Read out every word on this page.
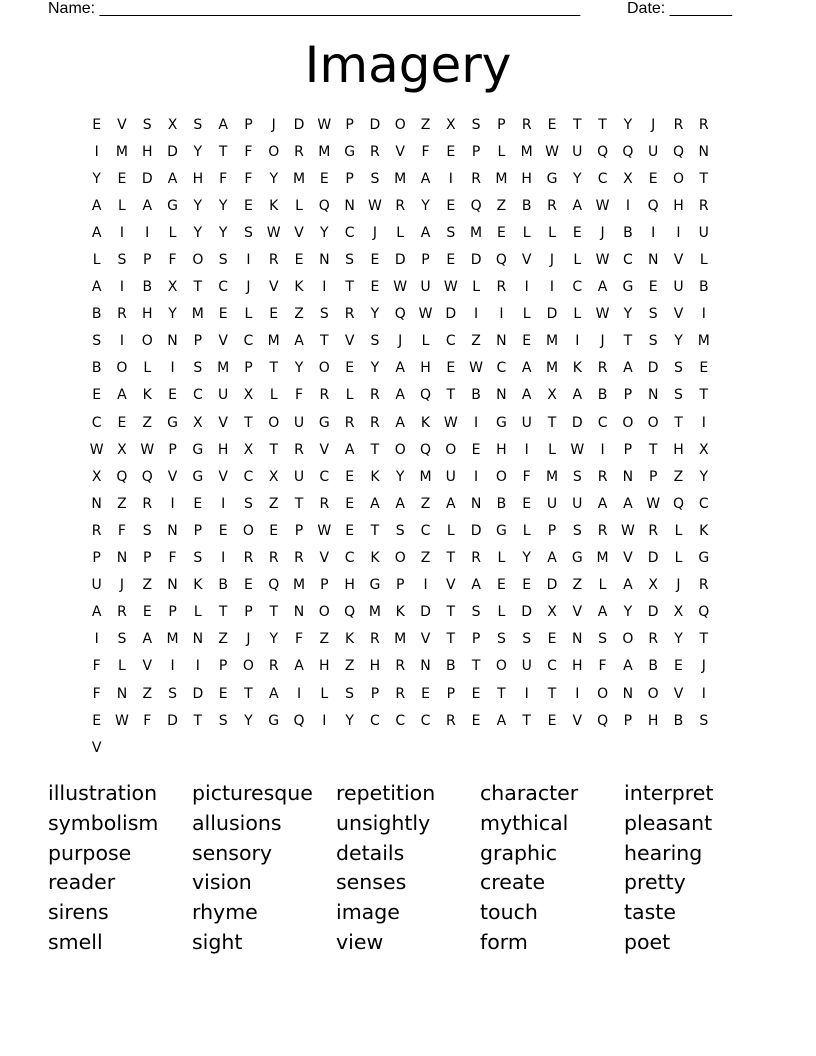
Name: ______________________________________________________	Date: _______
Imagery
E	V	S	X	S	A	P	J	D W	P	D	O	Z	X	S	P	R	E	T	T	Y	J	R	R
I	M H	D	Y	T	F	O	R	M G	R	V	F	E	P	L	M W U	Q	Q	U	Q	N
Y	E	D	A	H	F	F	Y	M	E	P	S	M	A	I	R	M H	G	Y	C	X	E	O	T
A	L	A	G	Y	Y	E	K	L	Q	N W R	Y	E	Q	Z	B	R	A W	I	Q	H	R
A	I	I	L	Y	Y	S W V	Y	C	J	L	A	S	M	E	L	L	E	J	B	I	I	U
L	S	P	F	O	S	I	R	E	N	S	E	D	P	E	D	Q	V	J	L	W C	N	V	L
A	I	B	X	T	C	J	V	K	I	T	E W U W	L	R	I	I	C	A	G	E	U	B
B	R	H	Y	M	E	L	E	Z	S	R	Y	Q W D	I	I	L	D	L	W	Y	S	V	I
S	I	O	N	P	V	C	M	A	T	V	S	J	L	C	Z	N	E	M	I	J	T	S	Y	M
B	O	L	I	S	M	P	T	Y	O	E	Y	A	H	E W C	A	M	K	R	A	D	S	E
E	A	K	E	C	U	X	L	F	R	L	R	A	Q	T	B	N	A	X	A	B	P	N	S	T
C	E	Z	G	X	V	T	O	U	G	R	R	A	K W	I	G	U	T	D	C	O	O	T	I
W X W	P	G	H	X	T	R	V	A	T	O	Q	O	E	H	I	L	W	I	P	T	H	X
X	Q	Q	V	G	V	C	X	U	C	E	K	Y	M	U	I	O	F	M	S	R	N	P	Z	Y
N	Z	R	I	E	I	S	Z	T	R	E	A	A	Z	A	N	B	E	U	U	A	A W Q	C
R	F	S	N	P	E	O	E	P	W E	T	S	C	L	D	G	L	P	S	R W R	L	K
P	N	P	F	S	I	R	R	R	V	C	K	O	Z	T	R	L	Y	A	G M	V	D	L	G
U	J	Z	N	K	B	E	Q M	P	H	G	P	I	V	A	E	E	D	Z	L	A	X	J	R
A	R	E	P	L	T	P	T	N	O	Q M	K	D	T	S	L	D	X	V	A	Y	D	X	Q
I	S	A	M	N	Z	J	Y	F	Z	K	R	M	V	T	P	S	S	E	N	S	O	R	Y	T
F	L	V	I	I	P	O	R	A	H	Z	H	R	N	B	T	O	U	C	H	F	A	B	E	J
F	N	Z	S	D	E	T	A	I	L	S	P	R	E	P	E	T	I	T	I	O	N	O	V	I
E W	F	D	T	S	Y	G	Q	I	Y	C	C	C	R	E	A	T	E	V	Q	P	H	B	S
V
illustration	picturesque	repetition	character	interpret
symbolism	allusions	unsightly	mythical	pleasant
purpose	sensory	details	graphic	hearing
reader	vision	senses	create	pretty
sirens	rhyme	image	touch	taste
smell	sight	view	form	poet
